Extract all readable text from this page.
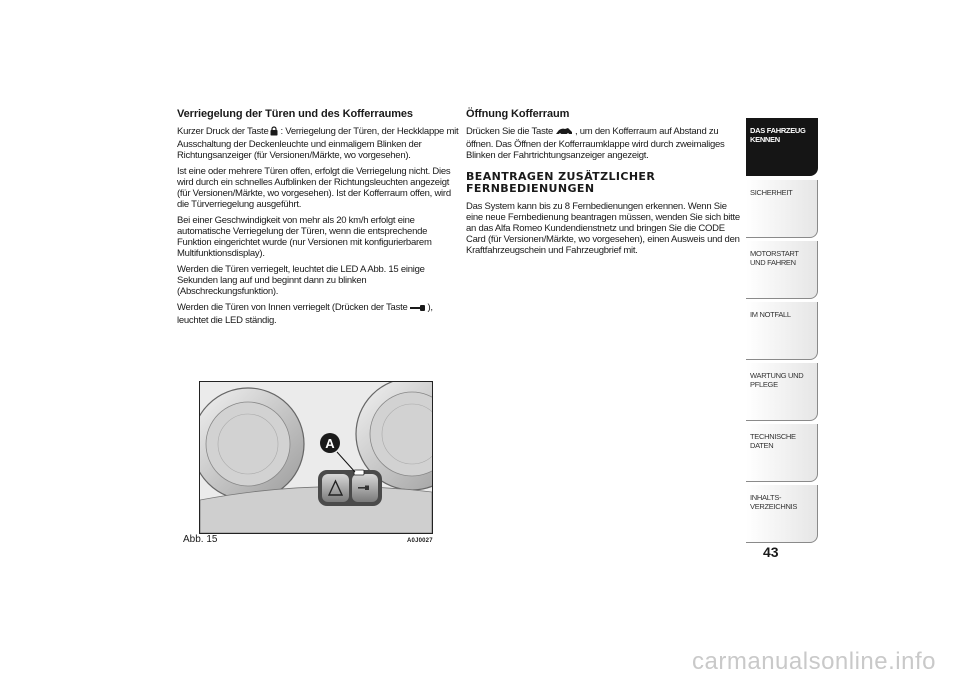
Verriegelung der Türen und des Kofferraumes

Kurzer Druck der Taste : Verriegelung der Türen, der Heckklappe mit Ausschaltung der Deckenleuchte und einmaligem Blinken der Richtungsanzeiger (für Versionen/Märkte, wo vorgesehen).

Ist eine oder mehrere Türen offen, erfolgt die Verriegelung nicht. Dies wird durch ein schnelles Aufblinken der Richtungsleuchten angezeigt (für Versionen/Märkte, wo vorgesehen). Ist der Kofferraum offen, wird die Türverriegelung ausgeführt.

Bei einer Geschwindigkeit von mehr als 20 km/h erfolgt eine automatische Verriegelung der Türen, wenn die entsprechende Funktion eingerichtet wurde (nur Versionen mit konfigurierbarem Multifunktionsdisplay).

Werden die Türen verriegelt, leuchtet die LED A Abb. 15 einige Sekunden lang auf und beginnt dann zu blinken (Abschreckungsfunktion).

Werden die Türen von Innen verriegelt (Drücken der Taste ), leuchtet die LED ständig.

Öffnung Kofferraum

Drücken Sie die Taste , um den Kofferraum auf Abstand zu öffnen. Das Öffnen der Kofferraumklappe wird durch zweimaliges Blinken der Fahrtrichtungsanzeiger angezeigt.

BEANTRAGEN ZUSÄTZLICHER FERNBEDIENUNGEN

Das System kann bis zu 8 Fernbedienungen erkennen. Wenn Sie eine neue Fernbedienung beantragen müssen, wenden Sie sich bitte an das Alfa Romeo Kundendienstnetz und bringen Sie die CODE Card (für Versionen/Märkte, wo vorgesehen), einen Ausweis und den Kraftfahrzeugschein und Fahrzeugbrief mit.

A
Abb. 15	A0J0027
DAS FAHRZEUG KENNEN
SICHERHEIT
MOTORSTART UND FAHREN
IM NOTFALL
WARTUNG UND PFLEGE
TECHNISCHE DATEN
INHALTS-VERZEICHNIS
43
carmanualsonline.info
